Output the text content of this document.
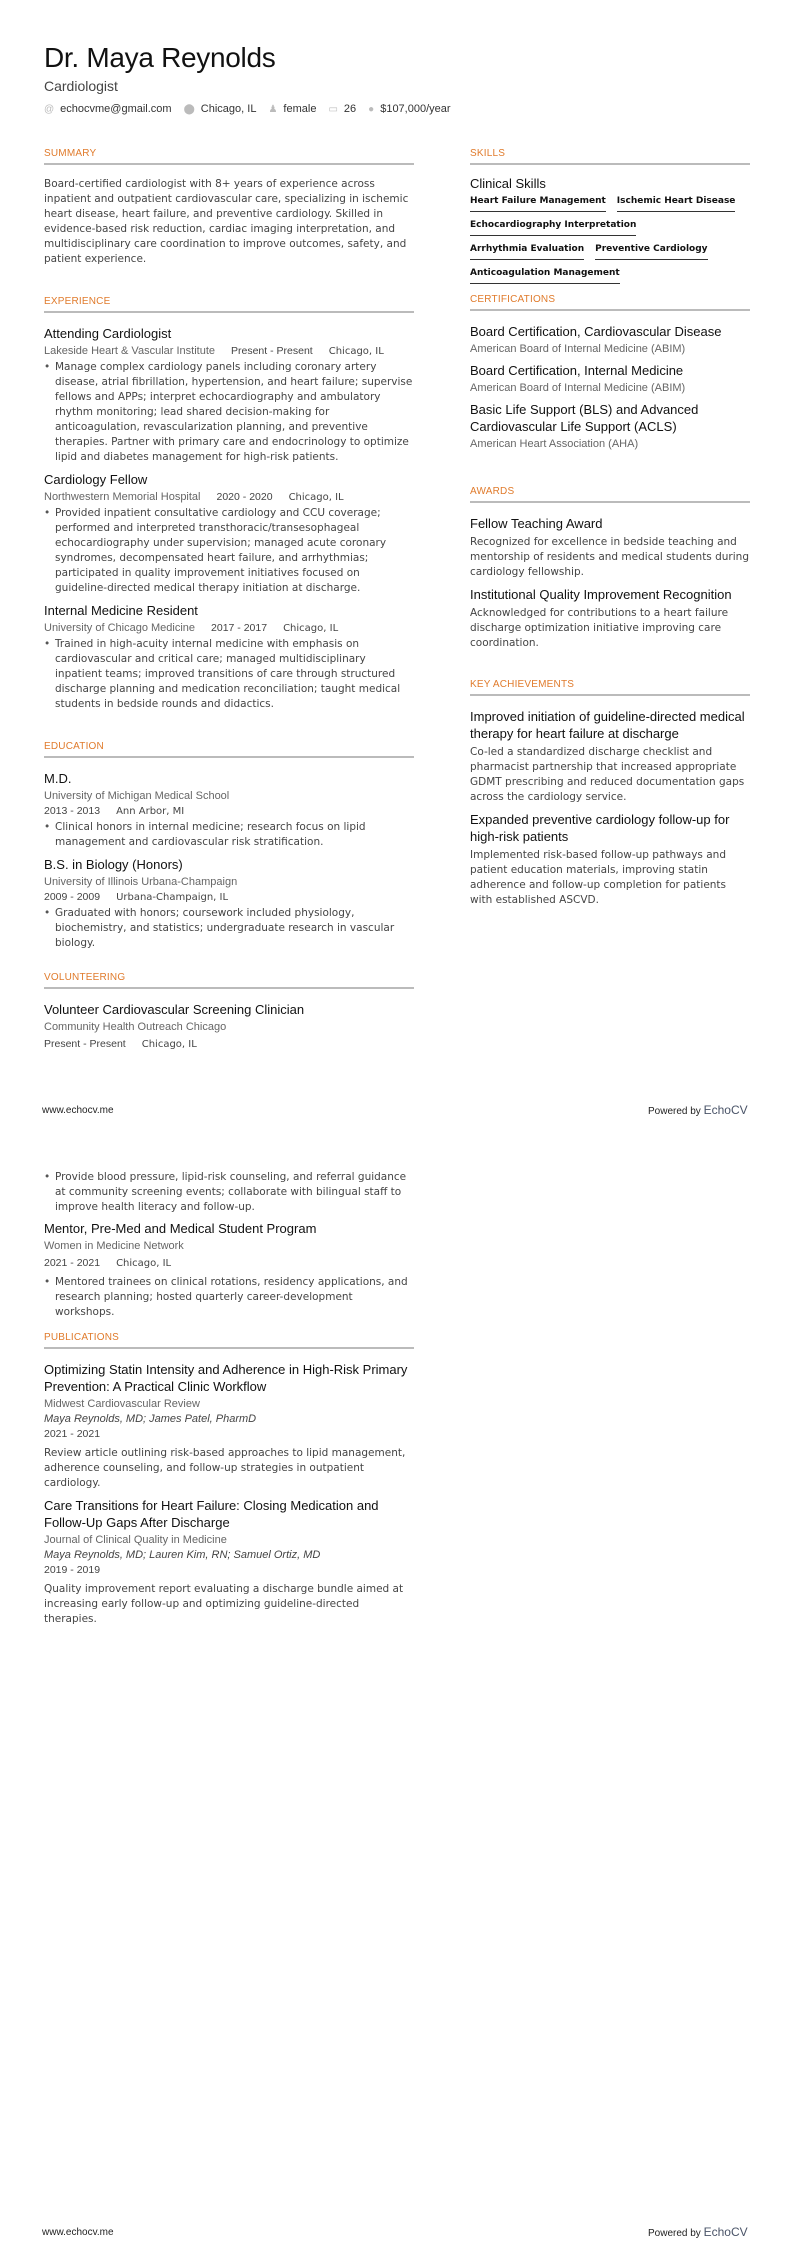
Dr. Maya Reynolds
Cardiologist
@ echocvme@gmail.com ⬤ Chicago, IL ♟ female ▭ 26 ● $107,000/year
SUMMARY

Board-certified cardiologist with 8+ years of experience across inpatient and outpatient cardiovascular care, specializing in ischemic heart disease, heart failure, and preventive cardiology. Skilled in evidence-based risk reduction, cardiac imaging interpretation, and multidisciplinary care coordination to improve outcomes, safety, and patient experience.

EXPERIENCE
Attending Cardiologist
Lakeside Heart & Vascular Institute Present - Present Chicago, IL
• Manage complex cardiology panels including coronary artery disease, atrial fibrillation, hypertension, and heart failure; supervise fellows and APPs; interpret echocardiography and ambulatory rhythm monitoring; lead shared decision-making for anticoagulation, revascularization planning, and preventive therapies. Partner with primary care and endocrinology to optimize lipid and diabetes management for high-risk patients.
Cardiology Fellow
Northwestern Memorial Hospital 2020 - 2020 Chicago, IL
• Provided inpatient consultative cardiology and CCU coverage; performed and interpreted transthoracic/transesophageal echocardiography under supervision; managed acute coronary syndromes, decompensated heart failure, and arrhythmias; participated in quality improvement initiatives focused on guideline-directed medical therapy initiation at discharge.
Internal Medicine Resident
University of Chicago Medicine 2017 - 2017 Chicago, IL
• Trained in high-acuity internal medicine with emphasis on cardiovascular and critical care; managed multidisciplinary inpatient teams; improved transitions of care through structured discharge planning and medication reconciliation; taught medical students in bedside rounds and didactics.
EDUCATION
M.D.
University of Michigan Medical School
2013 - 2013 Ann Arbor, MI
• Clinical honors in internal medicine; research focus on lipid management and cardiovascular risk stratification.
B.S. in Biology (Honors)
University of Illinois Urbana-Champaign
2009 - 2009 Urbana-Champaign, IL
• Graduated with honors; coursework included physiology, biochemistry, and statistics; undergraduate research in vascular biology.
VOLUNTEERING
Volunteer Cardiovascular Screening Clinician
Community Health Outreach Chicago
Present - Present Chicago, IL
www.echocv.me	Powered by EchoCV
SKILLS
Clinical Skills
Heart Failure Management Ischemic Heart Disease
Echocardiography Interpretation
Arrhythmia Evaluation Preventive Cardiology
Anticoagulation Management
CERTIFICATIONS
Board Certification, Cardiovascular Disease
American Board of Internal Medicine (ABIM)
Board Certification, Internal Medicine
American Board of Internal Medicine (ABIM)
Basic Life Support (BLS) and Advanced Cardiovascular Life Support (ACLS)
American Heart Association (AHA)
AWARDS
Fellow Teaching Award

Recognized for excellence in bedside teaching and mentorship of residents and medical students during cardiology fellowship.

Institutional Quality Improvement Recognition

Acknowledged for contributions to a heart failure discharge optimization initiative improving care coordination.

KEY ACHIEVEMENTS
Improved initiation of guideline-directed medical therapy for heart failure at discharge

Co-led a standardized discharge checklist and pharmacist partnership that increased appropriate GDMT prescribing and reduced documentation gaps across the cardiology service.

Expanded preventive cardiology follow-up for high-risk patients

Implemented risk-based follow-up pathways and patient education materials, improving statin adherence and follow-up completion for patients with established ASCVD.

• Provide blood pressure, lipid-risk counseling, and referral guidance at community screening events; collaborate with bilingual staff to improve health literacy and follow-up.
Mentor, Pre-Med and Medical Student Program
Women in Medicine Network
2021 - 2021 Chicago, IL
• Mentored trainees on clinical rotations, residency applications, and research planning; hosted quarterly career-development workshops.
PUBLICATIONS
Optimizing Statin Intensity and Adherence in High-Risk Primary Prevention: A Practical Clinic Workflow
Midwest Cardiovascular Review
Maya Reynolds, MD; James Patel, PharmD
2021 - 2021

Review article outlining risk-based approaches to lipid management, adherence counseling, and follow-up strategies in outpatient cardiology.

Care Transitions for Heart Failure: Closing Medication and Follow-Up Gaps After Discharge
Journal of Clinical Quality in Medicine
Maya Reynolds, MD; Lauren Kim, RN; Samuel Ortiz, MD
2019 - 2019

Quality improvement report evaluating a discharge bundle aimed at increasing early follow-up and optimizing guideline-directed therapies.

www.echocv.me	Powered by EchoCV
